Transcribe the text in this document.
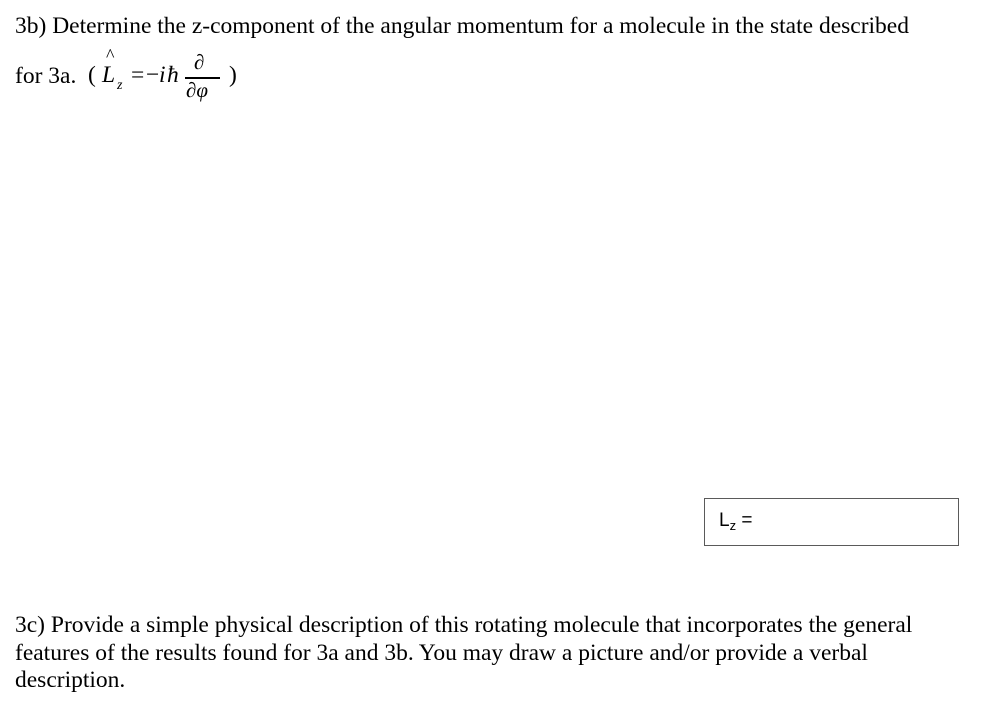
3b) Determine the z-component of the angular momentum for a molecule in the state described
for 3a. (
^
L z = − i ħ ∂
∂φ
)
$L_z$ =

3c) Provide a simple physical description of this rotating molecule that incorporates the general features of the results found for 3a and 3b. You may draw a picture and/or provide a verbal description.
